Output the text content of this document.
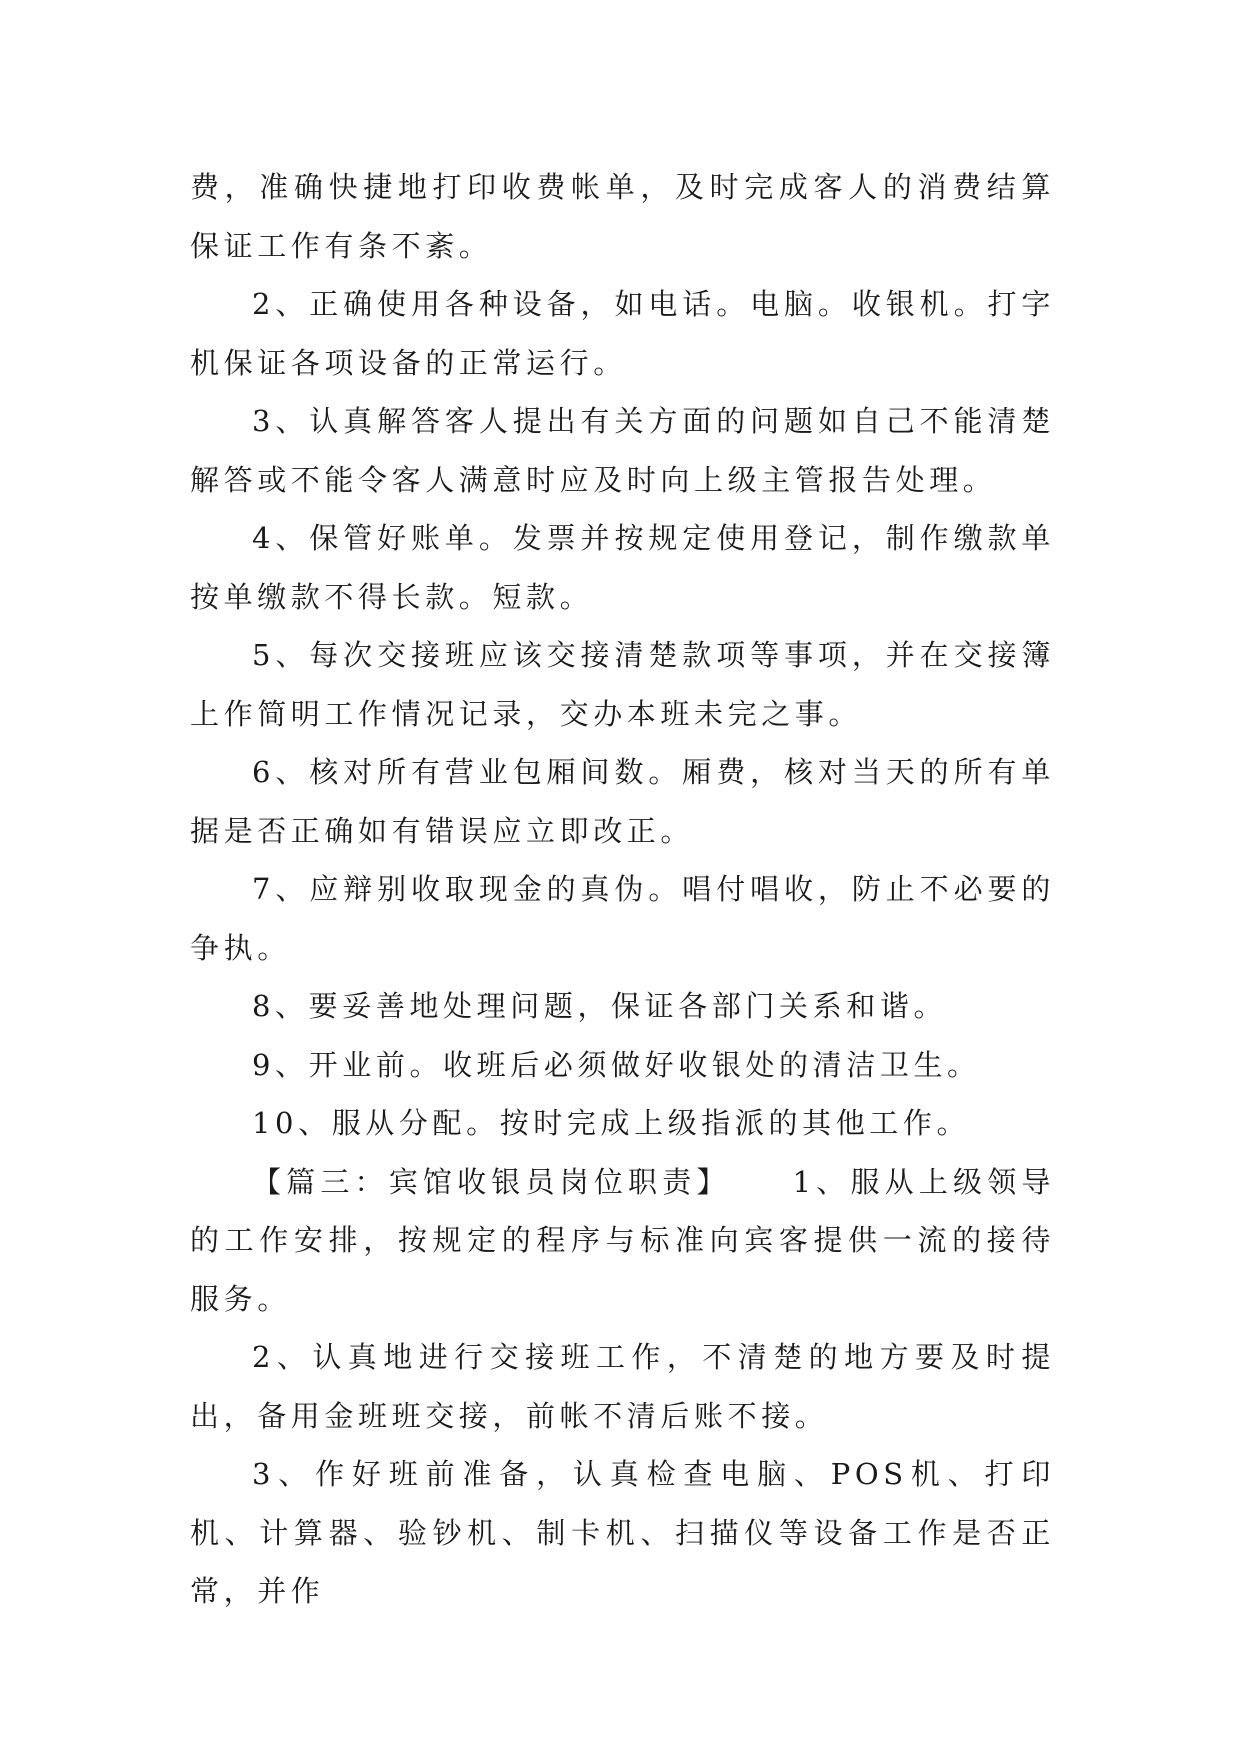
费，准确快捷地打印收费帐单，及时完成客人的消费结算保证工作有条不紊。

2、正确使用各种设备，如电话。电脑。收银机。打字机保证各项设备的正常运行。

3、认真解答客人提出有关方面的问题如自己不能清楚解答或不能令客人满意时应及时向上级主管报告处理。

4、保管好账单。发票并按规定使用登记，制作缴款单按单缴款不得长款。短款。

5、每次交接班应该交接清楚款项等事项，并在交接簿上作简明工作情况记录，交办本班未完之事。

6、核对所有营业包厢间数。厢费，核对当天的所有单据是否正确如有错误应立即改正。

7、应辩别收取现金的真伪。唱付唱收，防止不必要的争执。

8、要妥善地处理问题，保证各部门关系和谐。

9、开业前。收班后必须做好收银处的清洁卫生。

10、服从分配。按时完成上级指派的其他工作。

【篇三：宾馆收银员岗位职责】 1、服从上级领导的工作安排，按规定的程序与标准向宾客提供一流的接待服务。

2、认真地进行交接班工作，不清楚的地方要及时提出，备用金班班交接，前帐不清后账不接。

3、作好班前准备，认真检查电脑、POS机、打印机、计算器、验钞机、制卡机、扫描仪等设备工作是否正常，并作
